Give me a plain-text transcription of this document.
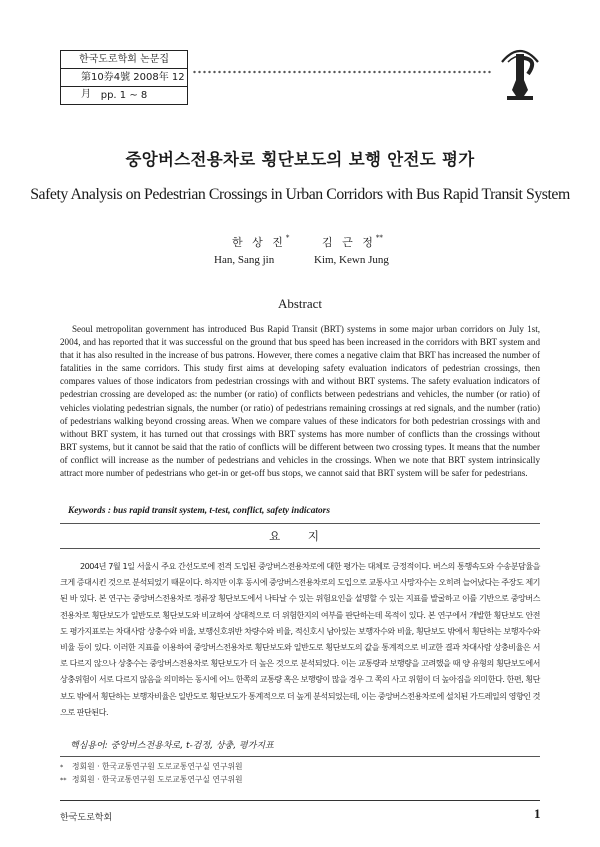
한국도로학회 논문집
第10券4號 2008年 12月 pp. 1 ∼ 8
중앙버스전용차로 횡단보도의 보행 안전도 평가
Safety Analysis on Pedestrian Crossings in Urban Corridors with Bus Rapid Transit System
한 상 진*	김 근 정**
Han, Sang jin	Kim, Kewn Jung
Abstract

Seoul metropolitan government has introduced Bus Rapid Transit (BRT) systems in some major urban corridors on July 1st, 2004, and has reported that it was successful on the ground that bus speed has been increased in the corridors with BRT system and that it has also resulted in the increase of bus patrons. However, there comes a negative claim that BRT has increased the number of fatalities in the same corridors. This study first aims at developing safety evaluation indicators of pedestrian crossings, then compares values of those indicators from pedestrian crossings with and without BRT systems. The safety evaluation indicators of pedestrian crossing are developed as: the number (or ratio) of conflicts between pedestrians and vehicles, the number (or ratio) of vehicles violating pedestrian signals, the number (or ratio) of pedestrians remaining crossings at red signals, and the number (ratio) of pedestrians walking beyond crossing areas. When we compare values of these indicators for both pedestrian crossings with and without BRT system, it has turned out that crossings with BRT systems has more number of conflicts than the crossings without BRT systems, but it cannot be said that the ratio of conflicts will be different between two crossing types. It means that the number of conflict will increase as the number of pedestrians and vehicles in the crossings. When we note that BRT system intrinsically attract more number of pedestrians who get-in or get-off bus stops, we cannot said that BRT system will be safer for pedestrians.

Keywords : bus rapid transit system, t-test, conflict, safety indicators
요 지

2004년 7월 1일 서울시 주요 간선도로에 전격 도입된 중앙버스전용차로에 대한 평가는 대체로 긍정적이다. 버스의 통행속도와 수송분담율을 크게 증대시킨 것으로 분석되었기 때문이다. 하지만 이후 동시에 중앙버스전용차로의 도입으로 교통사고 사망자수는 오히려 늘어났다는 주장도 제기된 바 있다. 본 연구는 중앙버스전용차로 정류장 횡단보도에서 나타날 수 있는 위험요인을 설명할 수 있는 지표를 발굴하고 이를 기반으로 중앙버스전용차로 횡단보도가 일반도로 횡단보도와 비교하여 상대적으로 더 위험한지의 여부를 판단하는데 목적이 있다. 본 연구에서 개발한 횡단보도 안전도 평가지표로는 차대사람 상충수와 비율, 보행신호위반 차량수와 비율, 적신호시 남아있는 보행자수와 비율, 횡단보도 밖에서 횡단하는 보행자수와 비율 등이 있다. 이러한 지표를 이용하여 중앙버스전용차로 횡단보도와 일반도로 횡단보도의 값을 통계적으로 비교한 결과 차대사람 상충비율은 서로 다르지 않으나 상충수는 중앙버스전용차로 횡단보도가 더 높은 것으로 분석되었다. 이는 교통량과 보행량을 고려했을 때 양 유형의 횡단보도에서 상충위험이 서로 다르지 않음을 의미하는 동시에 어느 한쪽의 교통량 혹은 보행량이 많을 경우 그 쪽의 사고 위험이 더 높아짐을 의미한다. 한편, 횡단보도 밖에서 횡단하는 보행자비율은 일반도로 횡단보도가 통계적으로 더 높게 분석되었는데, 이는 중앙버스전용차로에 설치된 가드레일의 영향인 것으로 판단된다.

핵심용어: 중앙버스전용차로, t-검정, 상충, 평가지표
* 정회원 · 한국교통연구원 도로교통연구실 연구위원
** 정회원 · 한국교통연구원 도로교통연구실 연구위원
한국도로학회	1
